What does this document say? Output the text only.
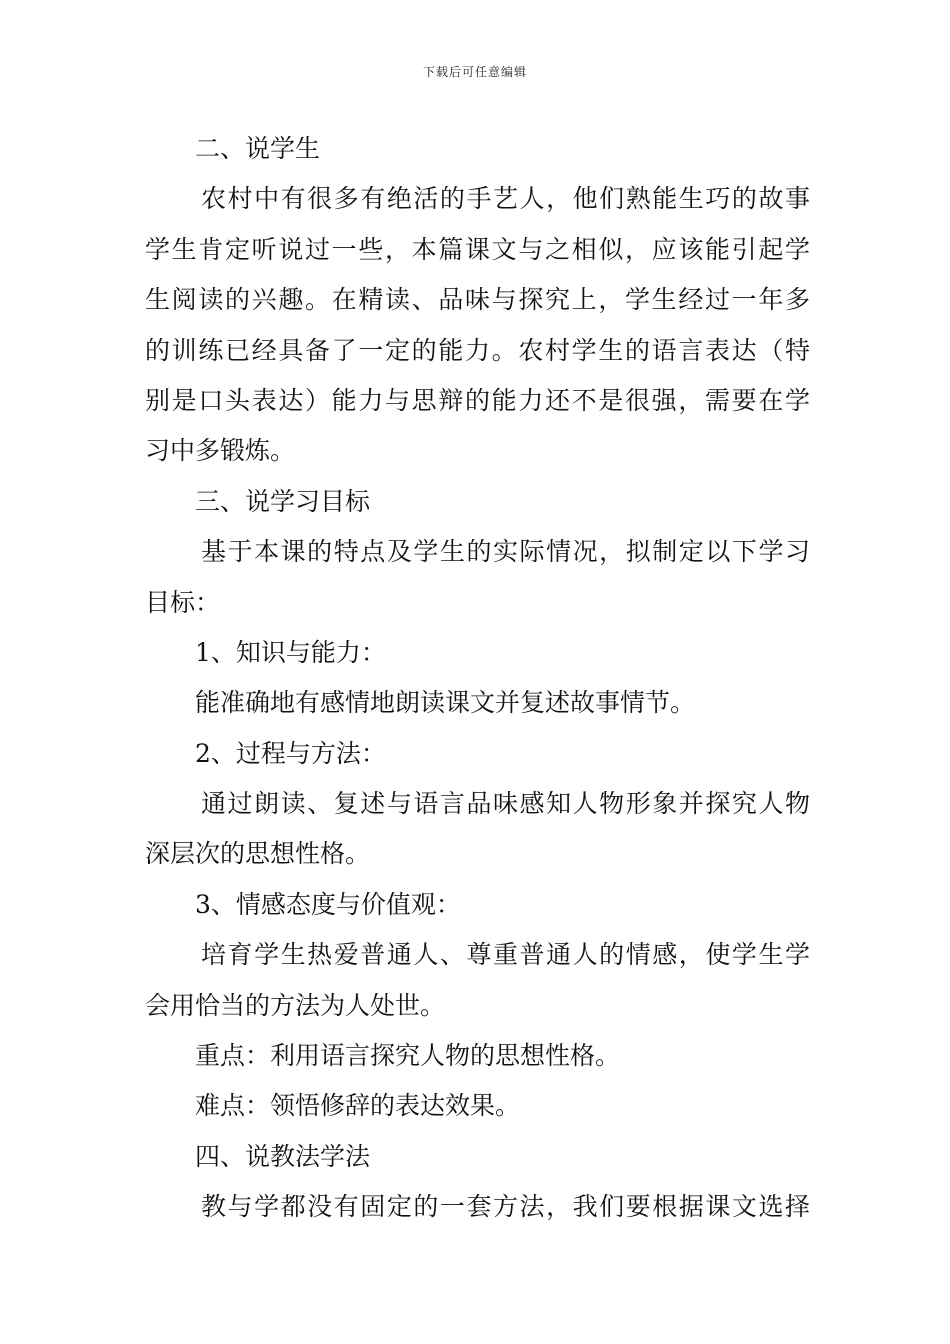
下载后可任意编辑
二、说学生
农村中有很多有绝活的手艺人，他们熟能生巧的故事
学生肯定听说过一些，本篇课文与之相似，应该能引起学
生阅读的兴趣。在精读、品味与探究上，学生经过一年多
的训练已经具备了一定的能力。农村学生的语言表达（特
别是口头表达）能力与思辩的能力还不是很强，需要在学
习中多锻炼。
三、说学习目标
基于本课的特点及学生的实际情况，拟制定以下学习
目标：
1、知识与能力：
能准确地有感情地朗读课文并复述故事情节。
2、过程与方法：
通过朗读、复述与语言品味感知人物形象并探究人物
深层次的思想性格。
3、情感态度与价值观：
培育学生热爱普通人、尊重普通人的情感，使学生学
会用恰当的方法为人处世。
重点：利用语言探究人物的思想性格。
难点：领悟修辞的表达效果。
四、说教法学法
教与学都没有固定的一套方法，我们要根据课文选择
